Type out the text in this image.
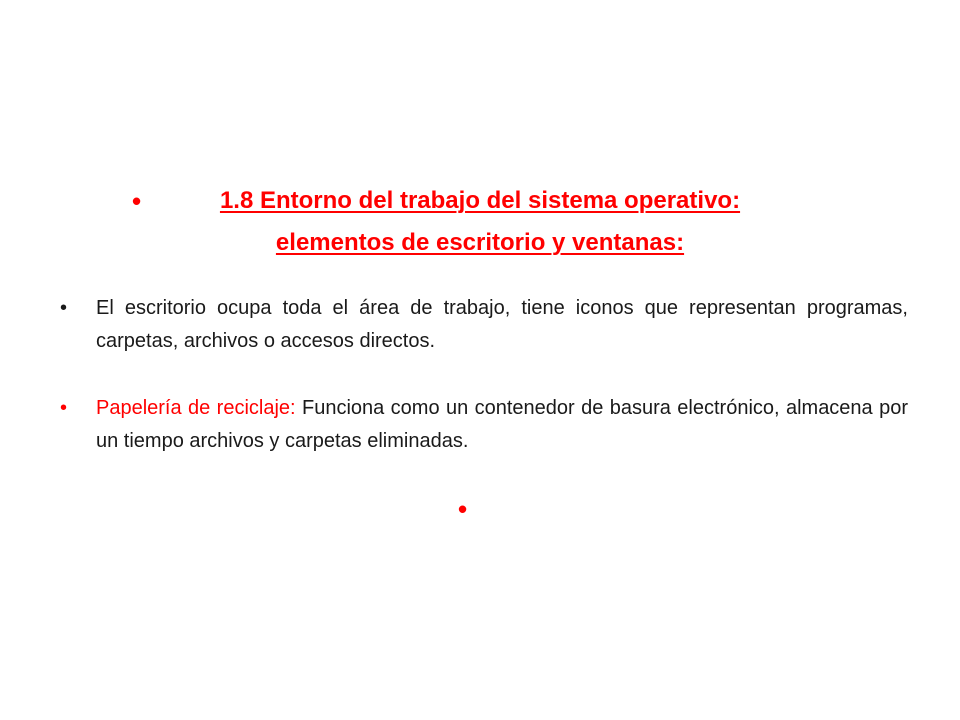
•	1.8 Entorno del trabajo del sistema operativo:
elementos de escritorio y ventanas:
• El escritorio ocupa toda el área de trabajo, tiene iconos que representan programas, carpetas, archivos o accesos directos.
• Papelería de reciclaje: Funciona como un contenedor de basura electrónico, almacena por un tiempo archivos y carpetas eliminadas.
•
